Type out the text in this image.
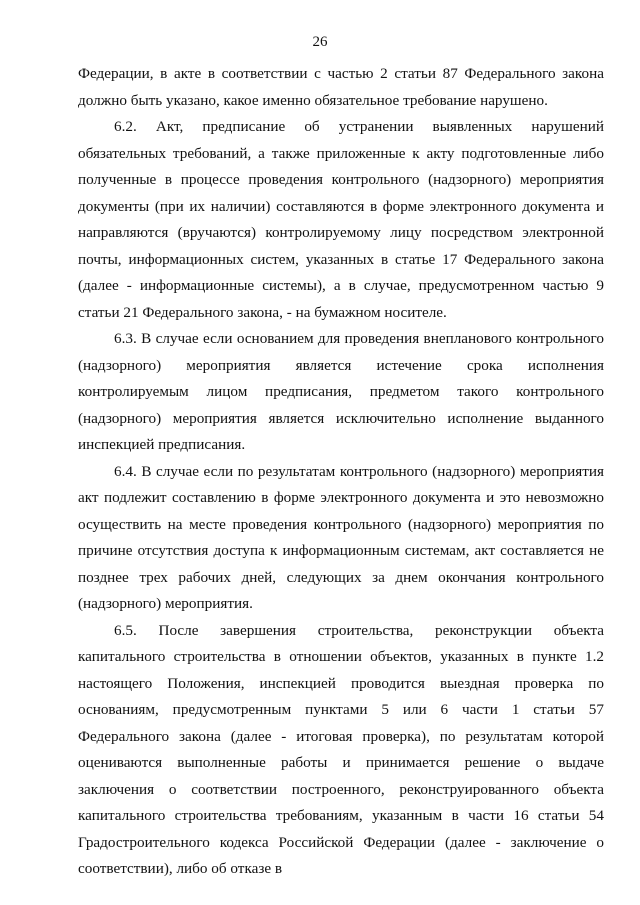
26

Федерации, в акте в соответствии с частью 2 статьи 87 Федерального закона должно быть указано, какое именно обязательное требование нарушено.

6.2. Акт, предписание об устранении выявленных нарушений обязательных требований, а также приложенные к акту подготовленные либо полученные в процессе проведения контрольного (надзорного) мероприятия документы (при их наличии) составляются в форме электронного документа и направляются (вручаются) контролируемому лицу посредством электронной почты, информационных систем, указанных в статье 17 Федерального закона (далее - информационные системы), а в случае, предусмотренном частью 9 статьи 21 Федерального закона, - на бумажном носителе.

6.3. В случае если основанием для проведения внепланового контрольного (надзорного) мероприятия является истечение срока исполнения контролируемым лицом предписания, предметом такого контрольного (надзорного) мероприятия является исключительно исполнение выданного инспекцией предписания.

6.4. В случае если по результатам контрольного (надзорного) мероприятия акт подлежит составлению в форме электронного документа и это невозможно осуществить на месте проведения контрольного (надзорного) мероприятия по причине отсутствия доступа к информационным системам, акт составляется не позднее трех рабочих дней, следующих за днем окончания контрольного (надзорного) мероприятия.

6.5. После завершения строительства, реконструкции объекта капитального строительства в отношении объектов, указанных в пункте 1.2 настоящего Положения, инспекцией проводится выездная проверка по основаниям, предусмотренным пунктами 5 или 6 части 1 статьи 57 Федерального закона (далее - итоговая проверка), по результатам которой оцениваются выполненные работы и принимается решение о выдаче заключения о соответствии построенного, реконструированного объекта капитального строительства требованиям, указанным в части 16 статьи 54 Градостроительного кодекса Российской Федерации (далее - заключение о соответствии), либо об отказе в
